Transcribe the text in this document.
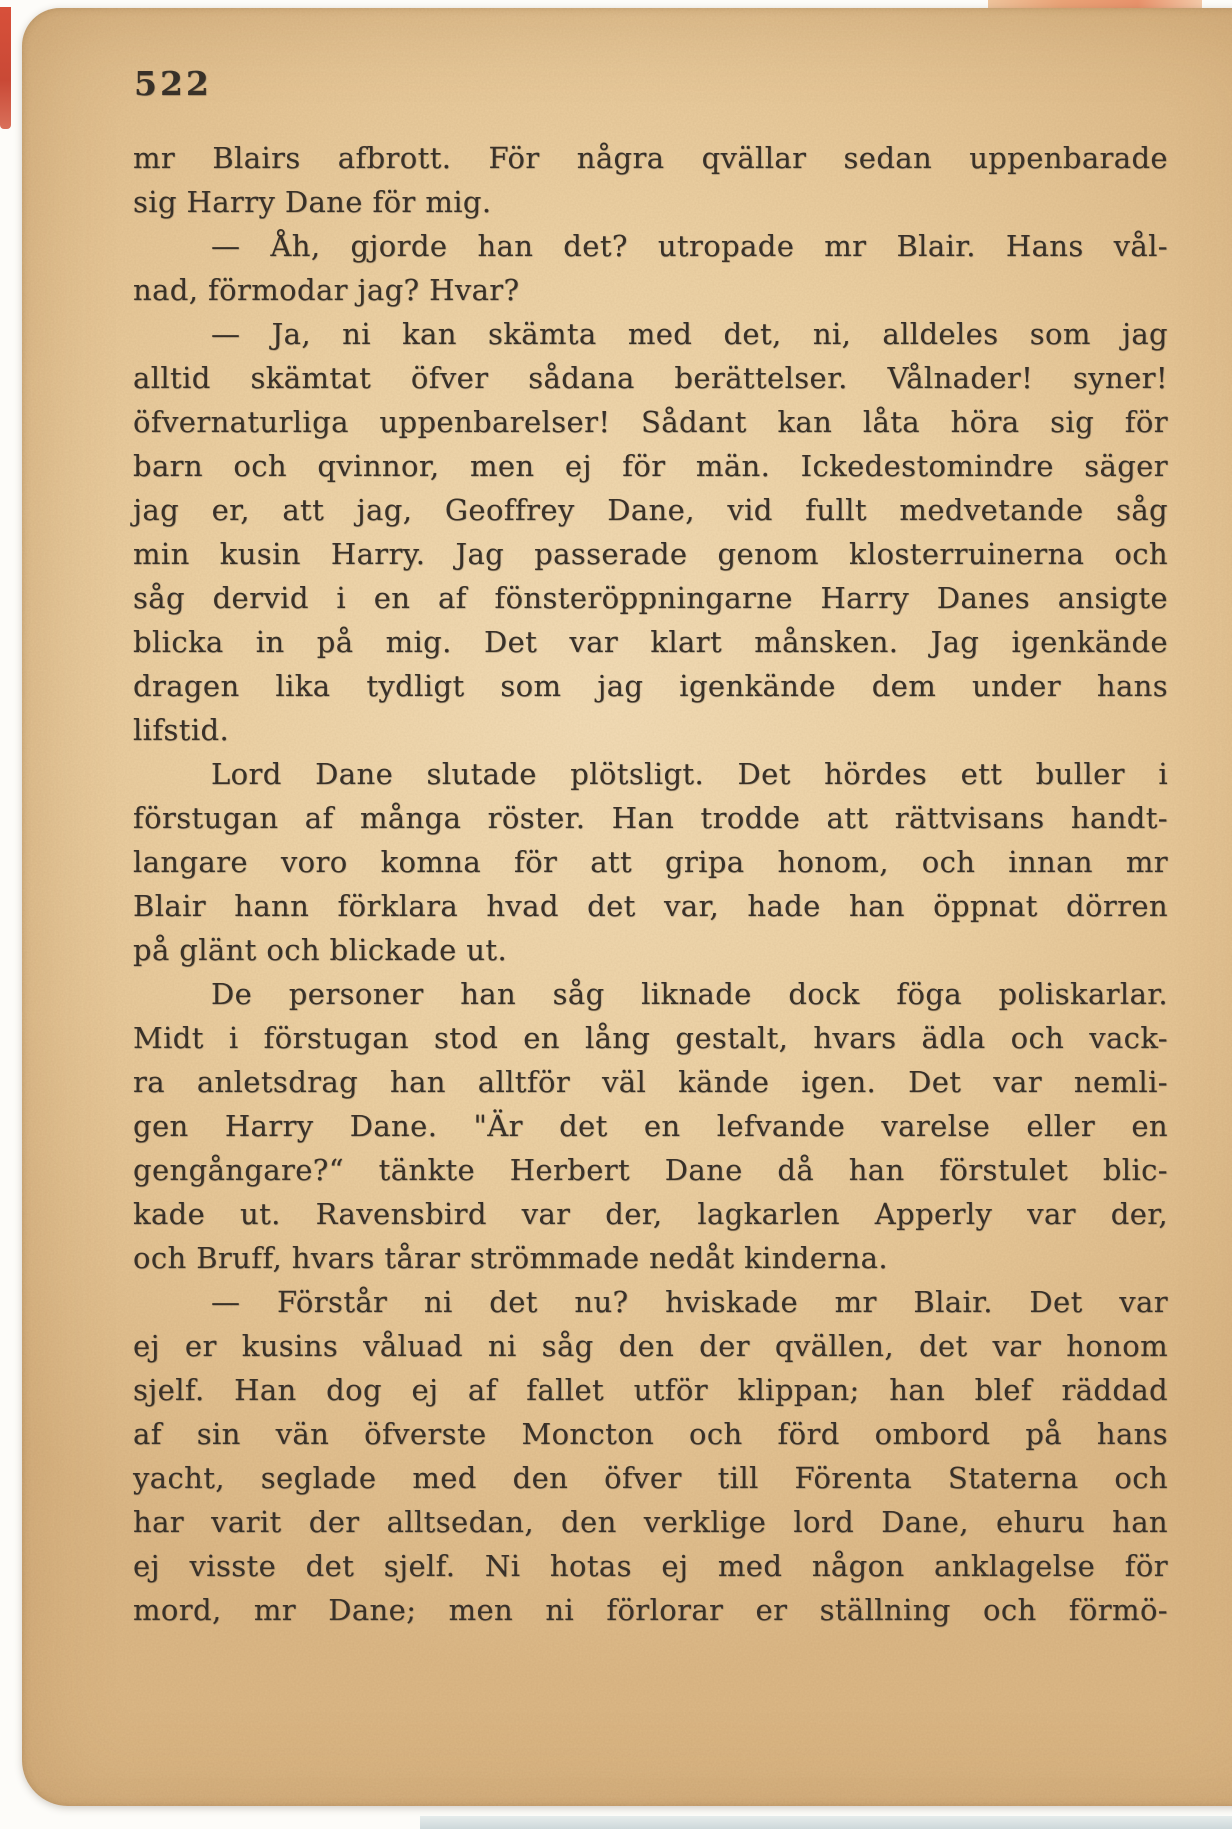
522
mr Blairs afbrott. För några qvällar sedan uppenbarade
sig Harry Dane för mig.
— Åh, gjorde han det? utropade mr Blair. Hans vål-
nad, förmodar jag? Hvar?
— Ja, ni kan skämta med det, ni, alldeles som jag
alltid skämtat öfver sådana berättelser. Vålnader! syner!
öfvernaturliga uppenbarelser! Sådant kan låta höra sig för
barn och qvinnor, men ej för män. Ickedestomindre säger
jag er, att jag, Geoffrey Dane, vid fullt medvetande såg
min kusin Harry. Jag passerade genom klosterruinerna och
såg dervid i en af fönsteröppningarne Harry Danes ansigte
blicka in på mig. Det var klart månsken. Jag igenkände
dragen lika tydligt som jag igenkände dem under hans
lifstid.
Lord Dane slutade plötsligt. Det hördes ett buller i
förstugan af många röster. Han trodde att rättvisans handt-
langare voro komna för att gripa honom, och innan mr
Blair hann förklara hvad det var, hade han öppnat dörren
på glänt och blickade ut.
De personer han såg liknade dock föga poliskarlar.
Midt i förstugan stod en lång gestalt, hvars ädla och vack-
ra anletsdrag han alltför väl kände igen. Det var nemli-
gen Harry Dane. "Är det en lefvande varelse eller en
gengångare?“ tänkte Herbert Dane då han förstulet blic-
kade ut. Ravensbird var der, lagkarlen Apperly var der,
och Bruff, hvars tårar strömmade nedåt kinderna.
— Förstår ni det nu? hviskade mr Blair. Det var
ej er kusins våluad ni såg den der qvällen, det var honom
sjelf. Han dog ej af fallet utför klippan; han blef räddad
af sin vän öfverste Moncton och förd ombord på hans
yacht, seglade med den öfver till Förenta Staterna och
har varit der alltsedan, den verklige lord Dane, ehuru han
ej visste det sjelf. Ni hotas ej med någon anklagelse för
mord, mr Dane; men ni förlorar er ställning och förmö-
